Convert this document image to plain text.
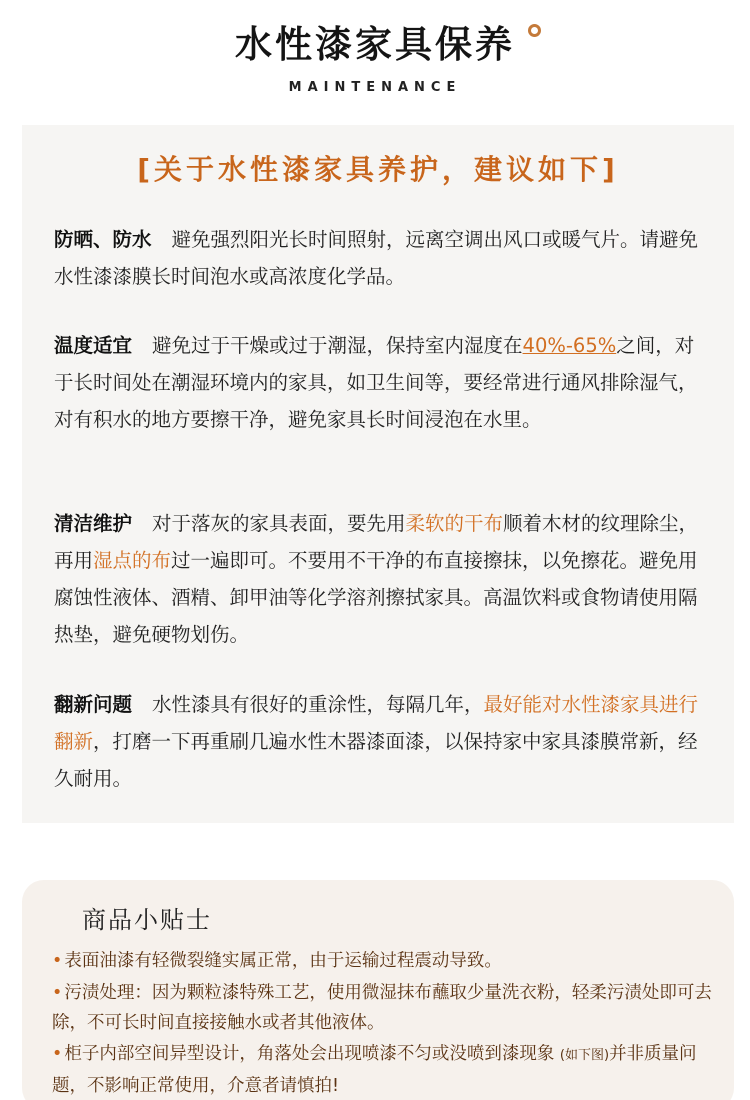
水性漆家具保养
MAINTENANCE
[关于水性漆家具养护，建议如下]
防晒、防水 避免强烈阳光长时间照射，远离空调出风口或暖气片。请避免水性漆漆膜长时间泡水或高浓度化学品。
温度适宜 避免过于干燥或过于潮湿，保持室内湿度在40%-65%之间，对于长时间处在潮湿环境内的家具，如卫生间等，要经常进行通风排除湿气，对有积水的地方要擦干净，避免家具长时间浸泡在水里。
清洁维护 对于落灰的家具表面，要先用柔软的干布顺着木材的纹理除尘，再用湿点的布过一遍即可。不要用不干净的布直接擦抹，以免擦花。避免用腐蚀性液体、酒精、卸甲油等化学溶剂擦拭家具。高温饮料或食物请使用隔热垫，避免硬物划伤。
翻新问题 水性漆具有很好的重涂性，每隔几年，最好能对水性漆家具进行翻新，打磨一下再重刷几遍水性木器漆面漆，以保持家中家具漆膜常新，经久耐用。
商品小贴士
• 表面油漆有轻微裂缝实属正常，由于运输过程震动导致。
• 污渍处理：因为颗粒漆特殊工艺，使用微湿抹布蘸取少量洗衣粉，轻柔污渍处即可去除，不可长时间直接接触水或者其他液体。
• 柜子内部空间异型设计，角落处会出现喷漆不匀或没喷到漆现象 (如下图)并非质量问题，不影响正常使用，介意者请慎拍!
